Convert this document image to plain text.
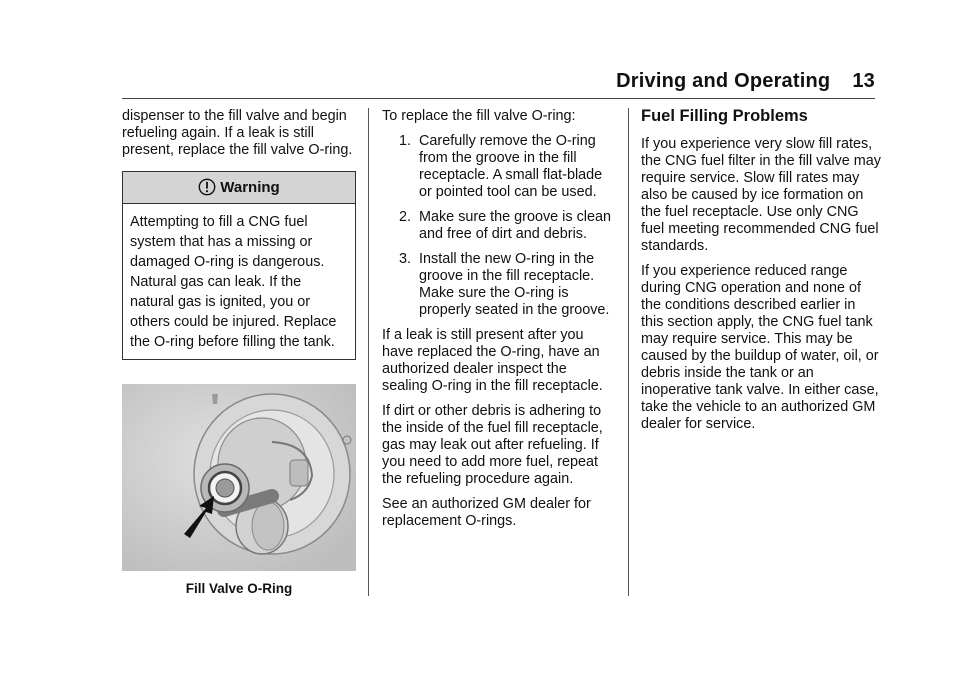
Driving and Operating 13

dispenser to the fill valve and begin refueling again. If a leak is still present, replace the fill valve O-ring.

Warning
Attempting to fill a CNG fuel system that has a missing or damaged O-ring is dangerous. Natural gas can leak. If the natural gas is ignited, you or others could be injured. Replace the O-ring before filling the tank.
Fill Valve O-Ring
To replace the fill valve O-ring:
1. Carefully remove the O-ring from the groove in the fill receptacle. A small flat-blade or pointed tool can be used.
2. Make sure the groove is clean and free of dirt and debris.
3. Install the new O-ring in the groove in the fill receptacle. Make sure the O-ring is properly seated in the groove.

If a leak is still present after you have replaced the O-ring, have an authorized dealer inspect the sealing O-ring in the fill receptacle.

If dirt or other debris is adhering to the inside of the fuel fill receptacle, gas may leak out after refueling. If you need to add more fuel, repeat the refueling procedure again.

See an authorized GM dealer for replacement O-rings.

Fuel Filling Problems

If you experience very slow fill rates, the CNG fuel filter in the fill valve may require service. Slow fill rates may also be caused by ice formation on the fuel receptacle. Use only CNG fuel meeting recommended CNG fuel standards.

If you experience reduced range during CNG operation and none of the conditions described earlier in this section apply, the CNG fuel tank may require service. This may be caused by the buildup of water, oil, or debris inside the tank or an inoperative tank valve. In either case, take the vehicle to an authorized GM dealer for service.
